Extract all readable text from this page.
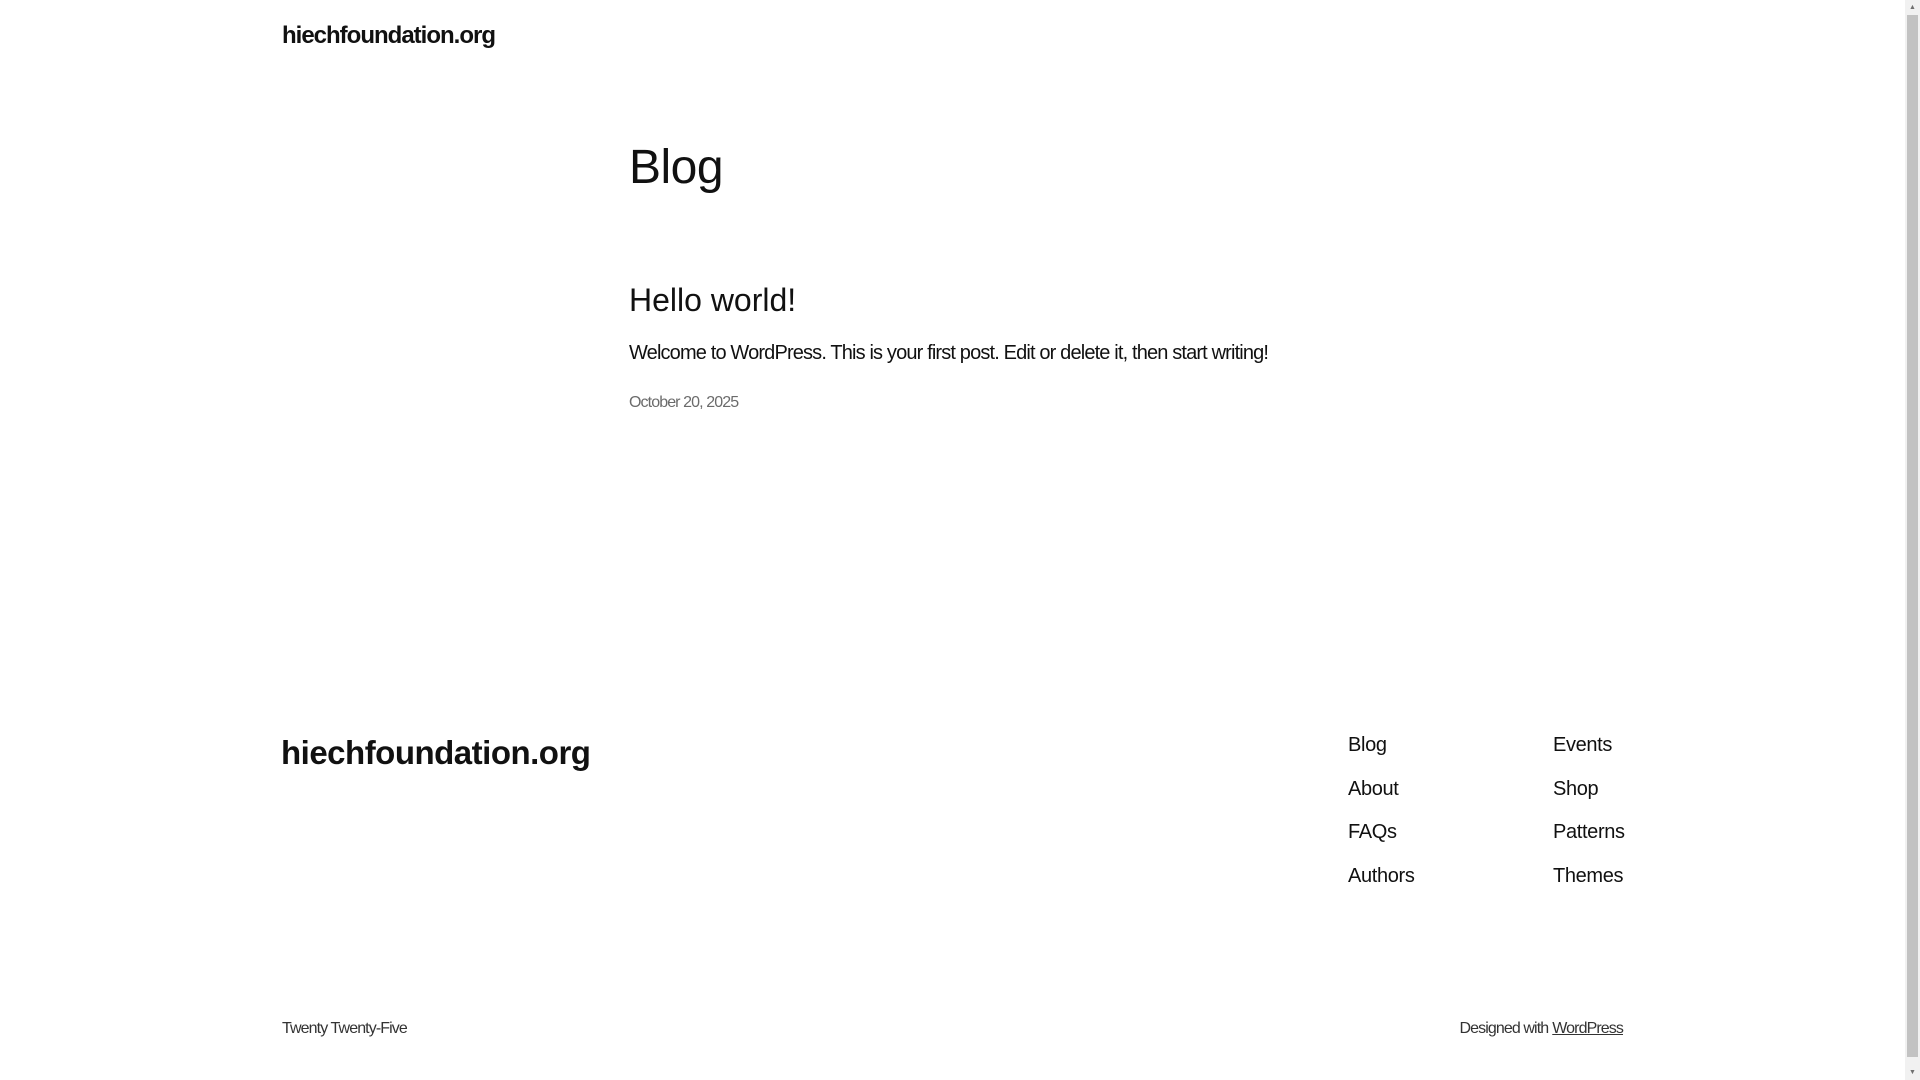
hiechfoundation.org
Blog
Hello world!

Welcome to WordPress. This is your first post. Edit or delete it, then start writing!

October 20, 2025
hiechfoundation.org	Blog
About
FAQs
Authors
Events
Shop
Patterns
Themes
Twenty Twenty-Five	Designed with WordPress
▲
▼
